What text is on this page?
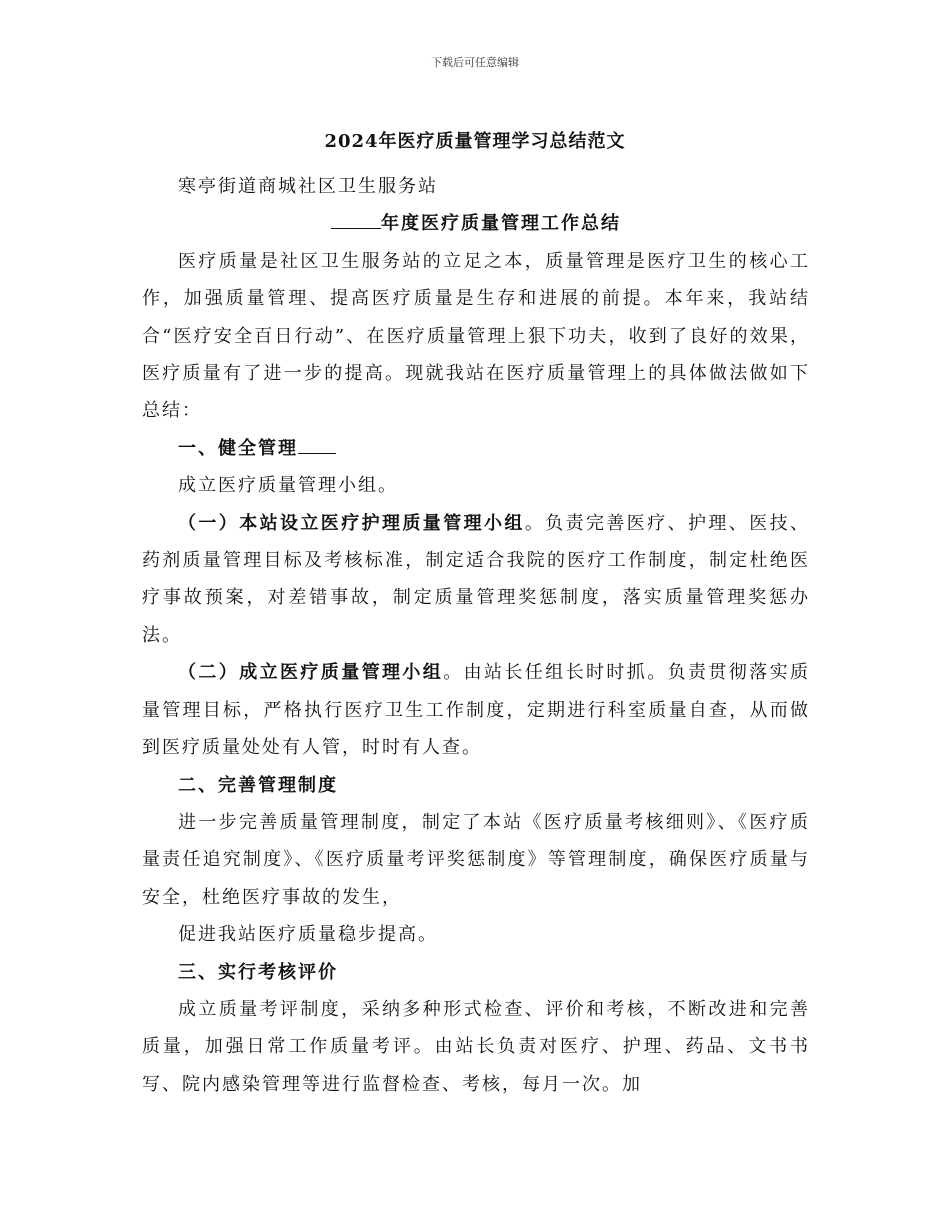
下载后可任意编辑
2024年医疗质量管理学习总结范文

寒亭街道商城社区卫生服务站

年度医疗质量管理工作总结

医疗质量是社区卫生服务站的立足之本，质量管理是医疗卫生的核心工作，加强质量管理、提高医疗质量是生存和进展的前提。本年来，我站结合“医疗安全百日行动”、在医疗质量管理上狠下功夫，收到了良好的效果，医疗质量有了进一步的提高。现就我站在医疗质量管理上的具体做法做如下总结：

一、健全管理

成立医疗质量管理小组。

（一）本站设立医疗护理质量管理小组。负责完善医疗、护理、医技、药剂质量管理目标及考核标准，制定适合我院的医疗工作制度，制定杜绝医疗事故预案，对差错事故，制定质量管理奖惩制度，落实质量管理奖惩办法。

（二）成立医疗质量管理小组。由站长任组长时时抓。负责贯彻落实质量管理目标，严格执行医疗卫生工作制度，定期进行科室质量自查，从而做到医疗质量处处有人管，时时有人查。

二、完善管理制度

进一步完善质量管理制度，制定了本站《医疗质量考核细则》、《医疗质量责任追究制度》、《医疗质量考评奖惩制度》等管理制度，确保医疗质量与安全，杜绝医疗事故的发生，

促进我站医疗质量稳步提高。

三、实行考核评价

成立质量考评制度，采纳多种形式检查、评价和考核，不断改进和完善质量，加强日常工作质量考评。由站长负责对医疗、护理、药品、文书书写、院内感染管理等进行监督检查、考核，每月一次。加
